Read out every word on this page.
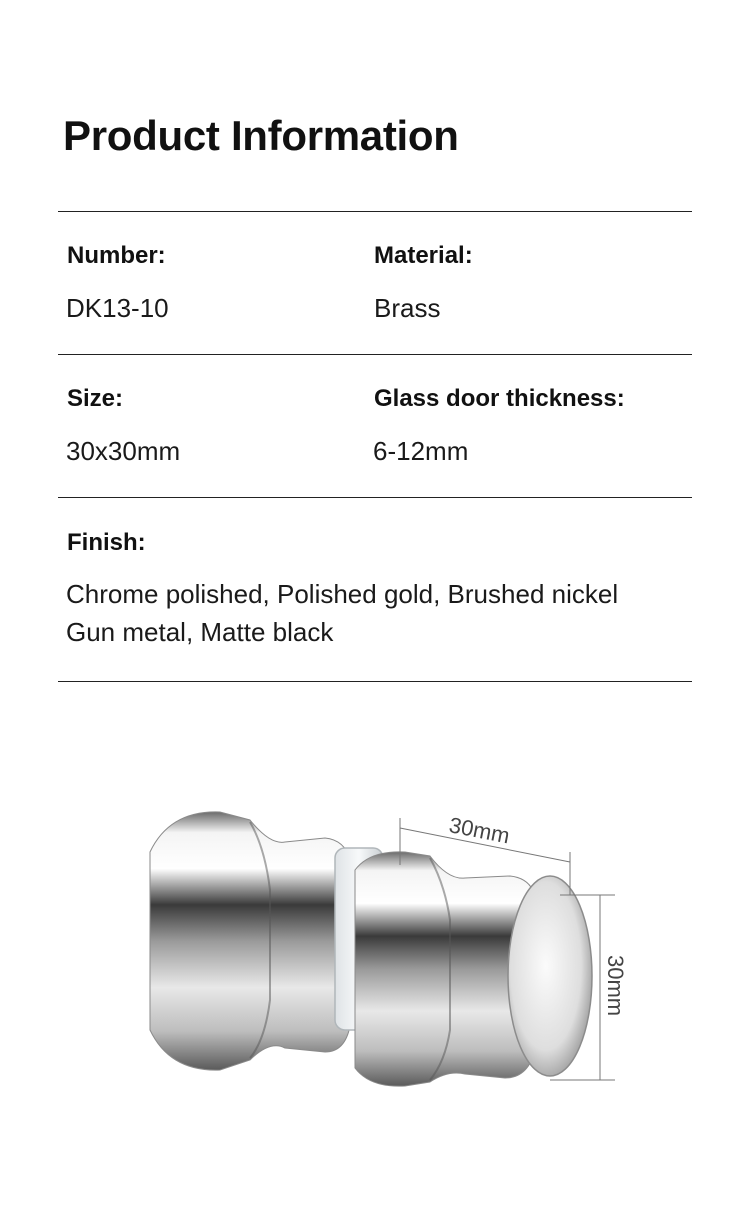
Product Information
Number:	Material:
DK13-10	Brass
Size:	Glass door thickness:
30x30mm	6-12mm
Finish:
Chrome polished, Polished gold, Brushed nickel
Gun metal, Matte black
30mm
30mm
